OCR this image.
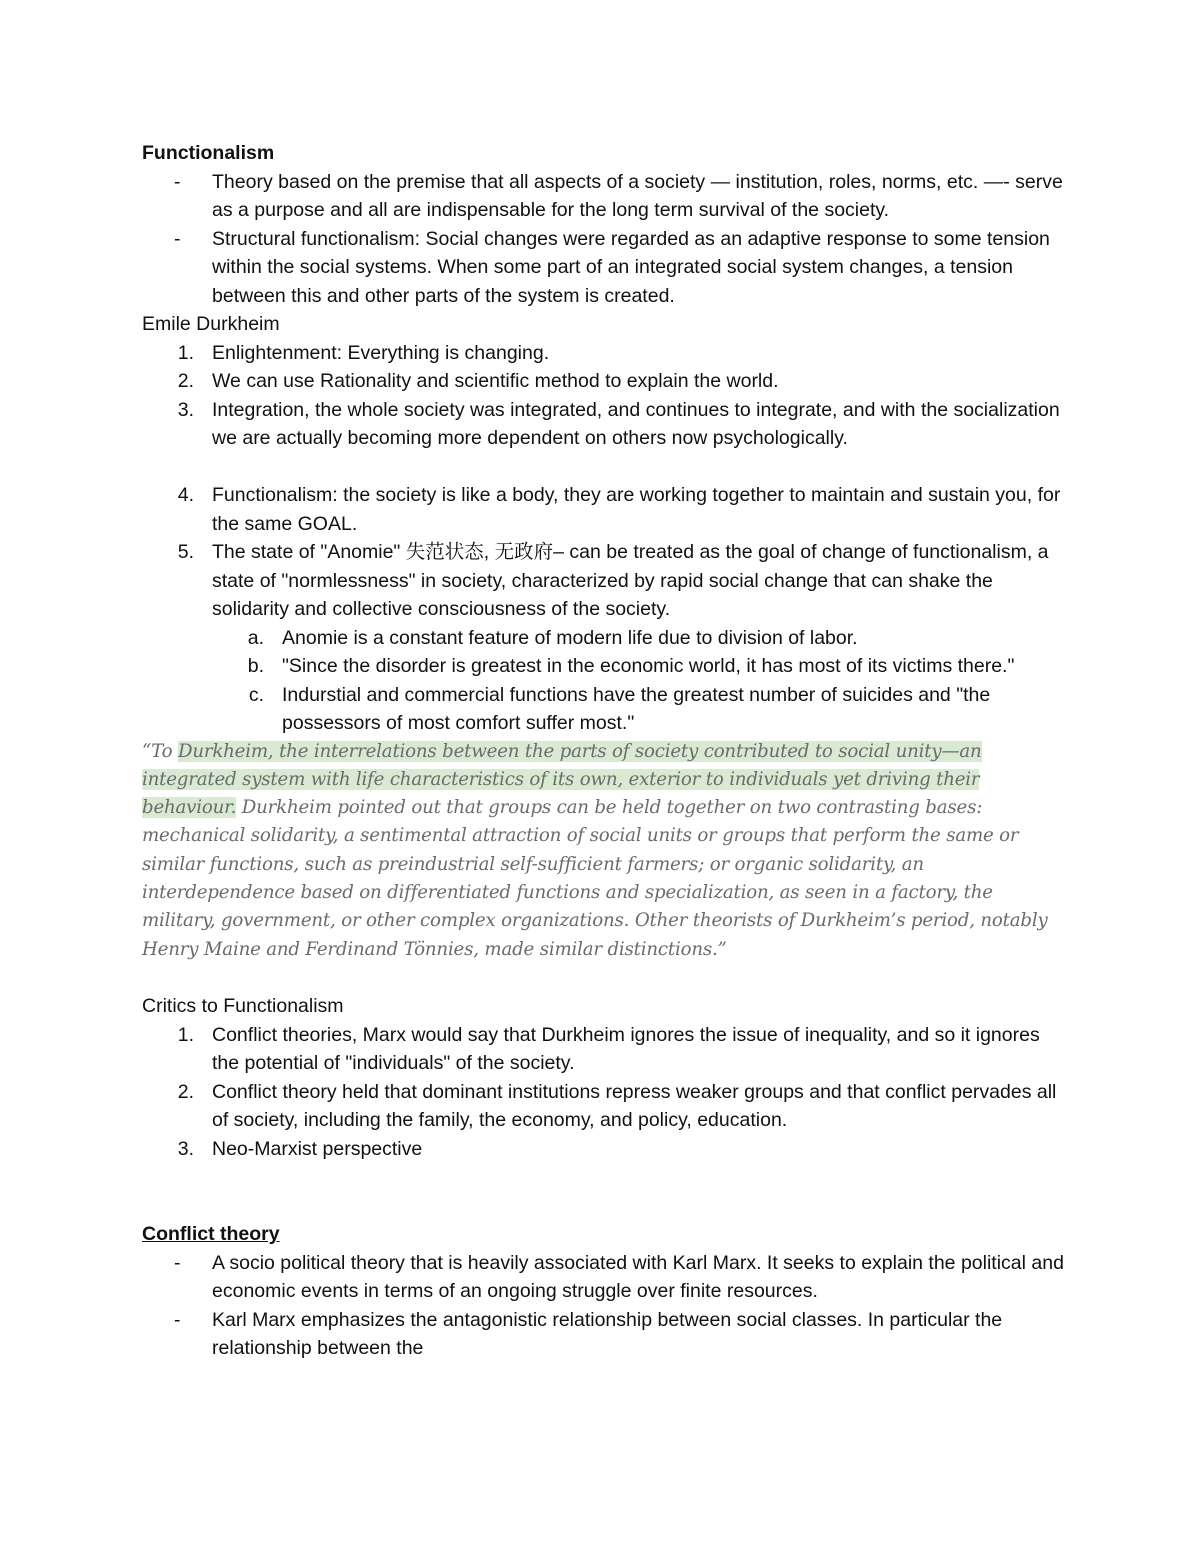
Functionalism
-	Theory based on the premise that all aspects of a society — institution, roles, norms, etc. —- serve as a purpose and all are indispensable for the long term survival of the society.
-	Structural functionalism: Social changes were regarded as an adaptive response to some tension within the social systems. When some part of an integrated social system changes, a tension between this and other parts of the system is created.
Emile Durkheim
1. Enlightenment: Everything is changing.
2. We can use Rationality and scientific method to explain the world.
3. Integration, the whole society was integrated, and continues to integrate, and with the socialization we are actually becoming more dependent on others now psychologically.
4. Functionalism: the society is like a body, they are working together to maintain and sustain you, for the same GOAL.
5. The state of "Anomie" 失范状态, 无政府– can be treated as the goal of change of functionalism, a state of "normlessness" in society, characterized by rapid social change that can shake the solidarity and collective consciousness of the society.
a. Anomie is a constant feature of modern life due to division of labor.
b. "Since the disorder is greatest in the economic world, it has most of its victims there."
c. Indurstial and commercial functions have the greatest number of suicides and "the possessors of most comfort suffer most."
“To Durkheim, the interrelations between the parts of society contributed to social unity—an integrated system with life characteristics of its own, exterior to individuals yet driving their behaviour. Durkheim pointed out that groups can be held together on two contrasting bases: mechanical solidarity, a sentimental attraction of social units or groups that perform the same or similar functions, such as preindustrial self-sufficient farmers; or organic solidarity, an interdependence based on differentiated functions and specialization, as seen in a factory, the military, government, or other complex organizations. Other theorists of Durkheim’s period, notably Henry Maine and Ferdinand Tönnies, made similar distinctions.”
Critics to Functionalism
1. Conflict theories, Marx would say that Durkheim ignores the issue of inequality, and so it ignores the potential of "individuals" of the society.
2. Conflict theory held that dominant institutions repress weaker groups and that conflict pervades all of society, including the family, the economy, and policy, education.
3. Neo-Marxist perspective
Conflict theory
-	A socio political theory that is heavily associated with Karl Marx. It seeks to explain the political and economic events in terms of an ongoing struggle over finite resources.
-	Karl Marx emphasizes the antagonistic relationship between social classes. In particular the relationship between the
